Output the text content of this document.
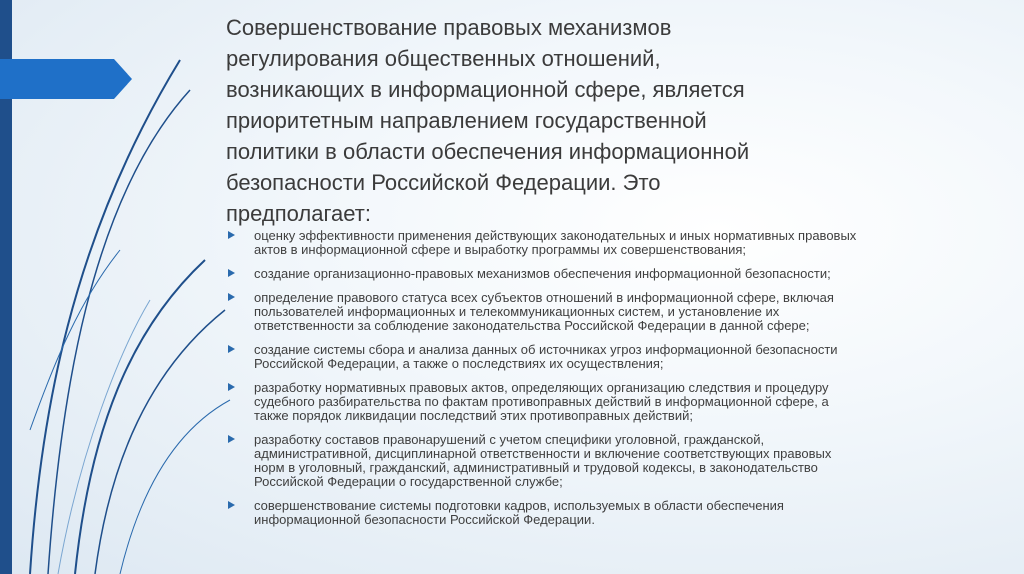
Совершенствование правовых механизмов
регулирования общественных отношений,
возникающих в информационной сфере, является
приоритетным направлением государственной
политики в области обеспечения информационной
безопасности Российской Федерации. Это
предполагает:
оценку эффективности применения действующих законодательных и иных нормативных правовых
актов в информационной сфере и выработку программы их совершенствования;
создание организационно-правовых механизмов обеспечения информационной безопасности;
определение правового статуса всех субъектов отношений в информационной сфере, включая
пользователей информационных и телекоммуникационных систем, и установление их
ответственности за соблюдение законодательства Российской Федерации в данной сфере;
создание системы сбора и анализа данных об источниках угроз информационной безопасности
Российской Федерации, а также о последствиях их осуществления;
разработку нормативных правовых актов, определяющих организацию следствия и процедуру
судебного разбирательства по фактам противоправных действий в информационной сфере, а
также порядок ликвидации последствий этих противоправных действий;
разработку составов правонарушений с учетом специфики уголовной, гражданской,
административной, дисциплинарной ответственности и включение соответствующих правовых
норм в уголовный, гражданский, административный и трудовой кодексы, в законодательство
Российской Федерации о государственной службе;
совершенствование системы подготовки кадров, используемых в области обеспечения
информационной безопасности Российской Федерации.
